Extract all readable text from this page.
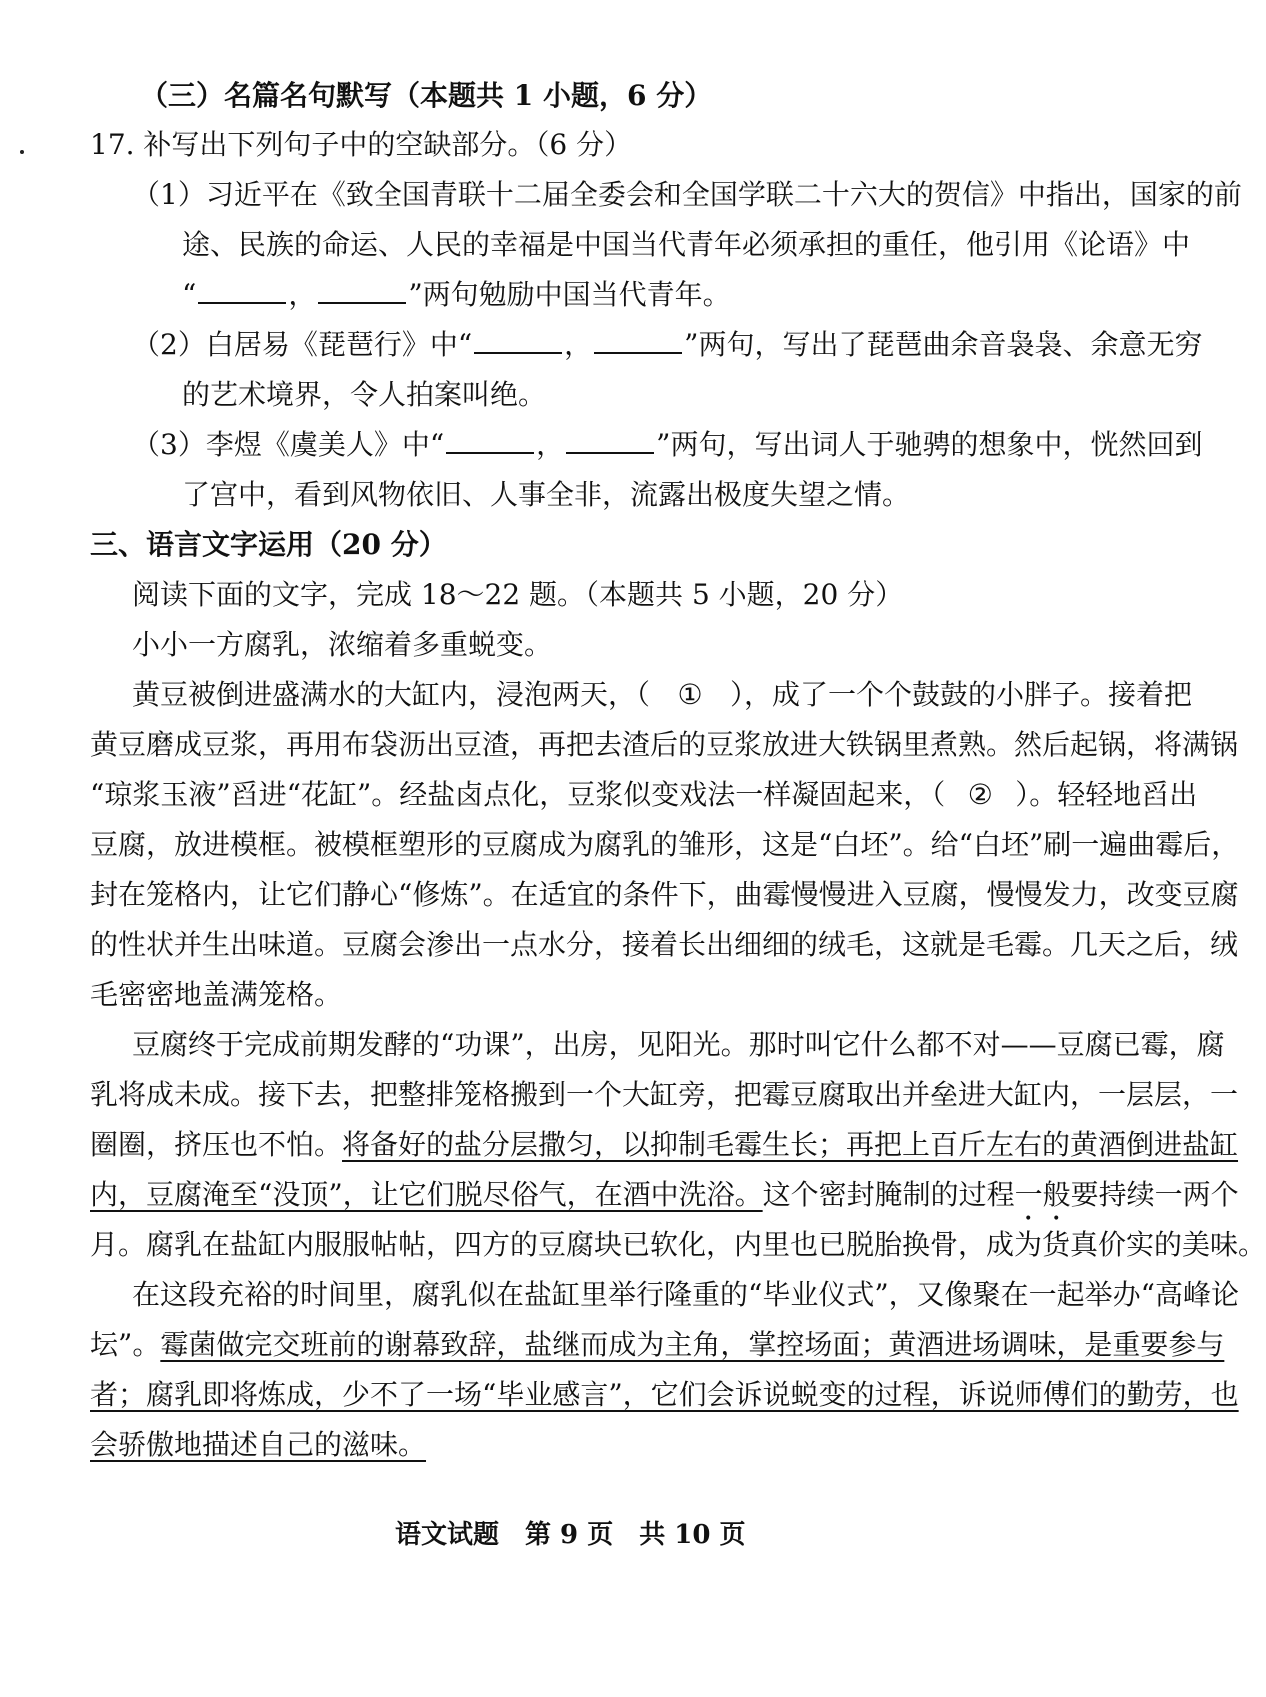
（三）名篇名句默写（本题共 1 小题，6 分）
17. 补写出下列句子中的空缺部分。（6 分）
（1）习近平在《致全国青联十二届全委会和全国学联二十六大的贺信》中指出，国家的前
途、民族的命运、人民的幸福是中国当代青年必须承担的重任，他引用《论语》中
“	，	”两句勉励中国当代青年。
（2）白居易《琵琶行》中“	，	”两句，写出了琵琶曲余音袅袅、余意无穷
的艺术境界，令人拍案叫绝。
（3）李煜《虞美人》中“	，	”两句，写出词人于驰骋的想象中，恍然回到
了宫中，看到风物依旧、人事全非，流露出极度失望之情。
三、语言文字运用（20 分）
阅读下面的文字，完成 18～22 题。（本题共 5 小题，20 分）
小小一方腐乳，浓缩着多重蜕变。
黄豆被倒进盛满水的大缸内，浸泡两天，（ ① ），成了一个个鼓鼓的小胖子。接着把
黄豆磨成豆浆，再用布袋沥出豆渣，再把去渣后的豆浆放进大铁锅里煮熟。然后起锅，将满锅
“琼浆玉液”舀进“花缸”。经盐卤点化，豆浆似变戏法一样凝固起来，（ ② ）。轻轻地舀出
豆腐，放进模框。被模框塑形的豆腐成为腐乳的雏形，这是“白坯”。给“白坯”刷一遍曲霉后，
封在笼格内，让它们静心“修炼”。在适宜的条件下，曲霉慢慢进入豆腐，慢慢发力，改变豆腐
的性状并生出味道。豆腐会渗出一点水分，接着长出细细的绒毛，这就是毛霉。几天之后，绒
毛密密地盖满笼格。
豆腐终于完成前期发酵的“功课”，出房，见阳光。那时叫它什么都不对——豆腐已霉，腐
乳将成未成。接下去，把整排笼格搬到一个大缸旁，把霉豆腐取出并垒进大缸内，一层层，一
圈圈，挤压也不怕。将备好的盐分层撒匀，以抑制毛霉生长；再把上百斤左右的黄酒倒进盐缸
内，豆腐淹至“没顶”，让它们脱尽俗气，在酒中洗浴。这个密封腌制的过程一般要持续一两个
月。腐乳在盐缸内服服帖帖，四方的豆腐块已软化，内里也已脱胎换骨，成为货真价实的美味。
在这段充裕的时间里，腐乳似在盐缸里举行隆重的“毕业仪式”，又像聚在一起举办“高峰论
坛”。霉菌做完交班前的谢幕致辞，盐继而成为主角，掌控场面；黄酒进场调味，是重要参与
者；腐乳即将炼成，少不了一场“毕业感言”，它们会诉说蜕变的过程，诉说师傅们的勤劳，也
会骄傲地描述自己的滋味。
语文试题　第 9 页　共 10 页
